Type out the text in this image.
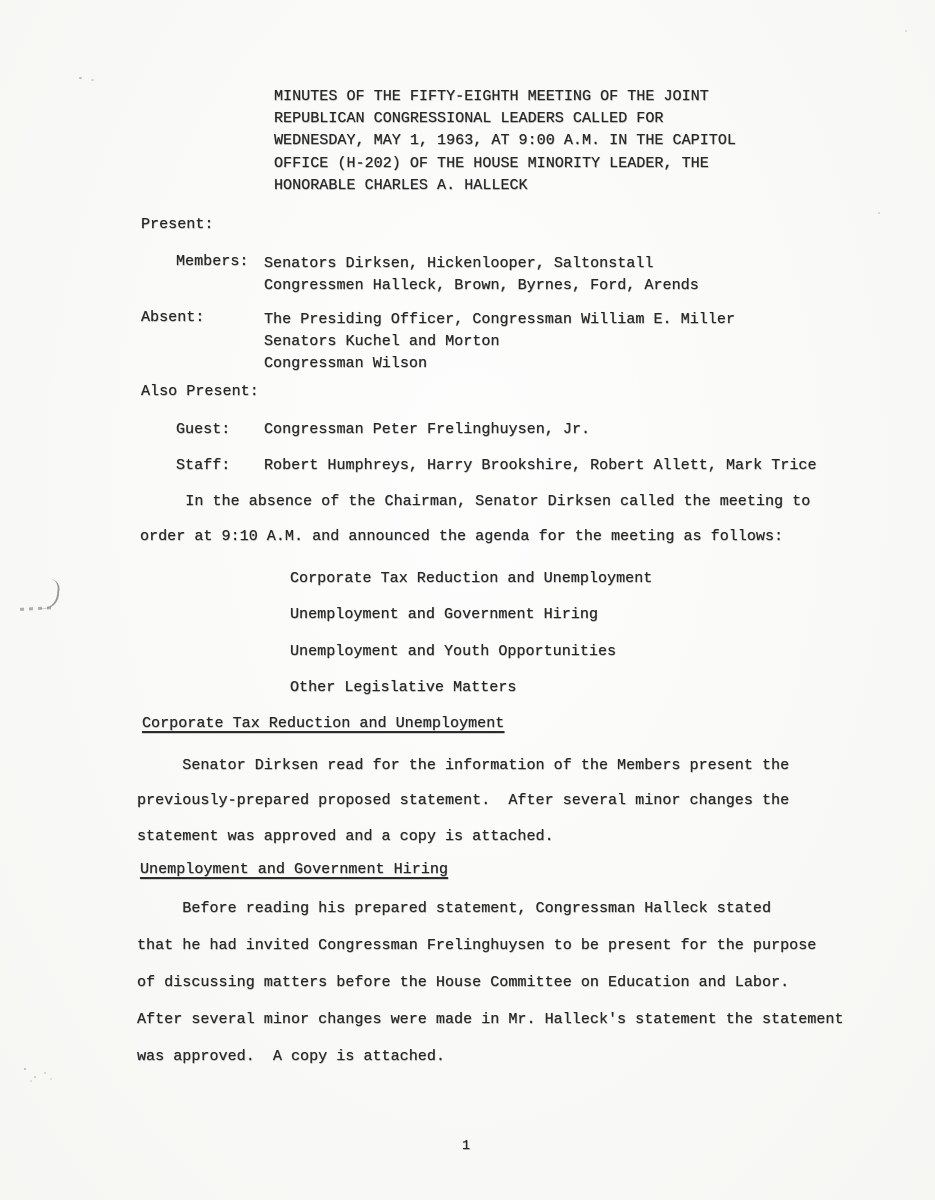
MINUTES OF THE FIFTY-EIGHTH MEETING OF THE JOINT
REPUBLICAN CONGRESSIONAL LEADERS CALLED FOR
WEDNESDAY, MAY 1, 1963, AT 9:00 A.M. IN THE CAPITOL
OFFICE (H-202) OF THE HOUSE MINORITY LEADER, THE
HONORABLE CHARLES A. HALLECK
Present:
Members: Senators Dirksen, Hickenlooper, Saltonstall
Congressmen Halleck, Brown, Byrnes, Ford, Arends
Absent:	The Presiding Officer, Congressman William E. Miller
Senators Kuchel and Morton
Congressman Wilson
Also Present:
Guest: Congressman Peter Frelinghuysen, Jr.
Staff: Robert Humphreys, Harry Brookshire, Robert Allett, Mark Trice
In the absence of the Chairman, Senator Dirksen called the meeting to
order at 9:10 A.M. and announced the agenda for the meeting as follows:
Corporate Tax Reduction and Unemployment
Unemployment and Government Hiring
Unemployment and Youth Opportunities
Other Legislative Matters
Corporate Tax Reduction and Unemployment
Senator Dirksen read for the information of the Members present the
previously-prepared proposed statement.  After several minor changes the
statement was approved and a copy is attached.
Unemployment and Government Hiring
Before reading his prepared statement, Congressman Halleck stated
that he had invited Congressman Frelinghuysen to be present for the purpose
of discussing matters before the House Committee on Education and Labor.
After several minor changes were made in Mr. Halleck's statement the statement
was approved.  A copy is attached.
1
